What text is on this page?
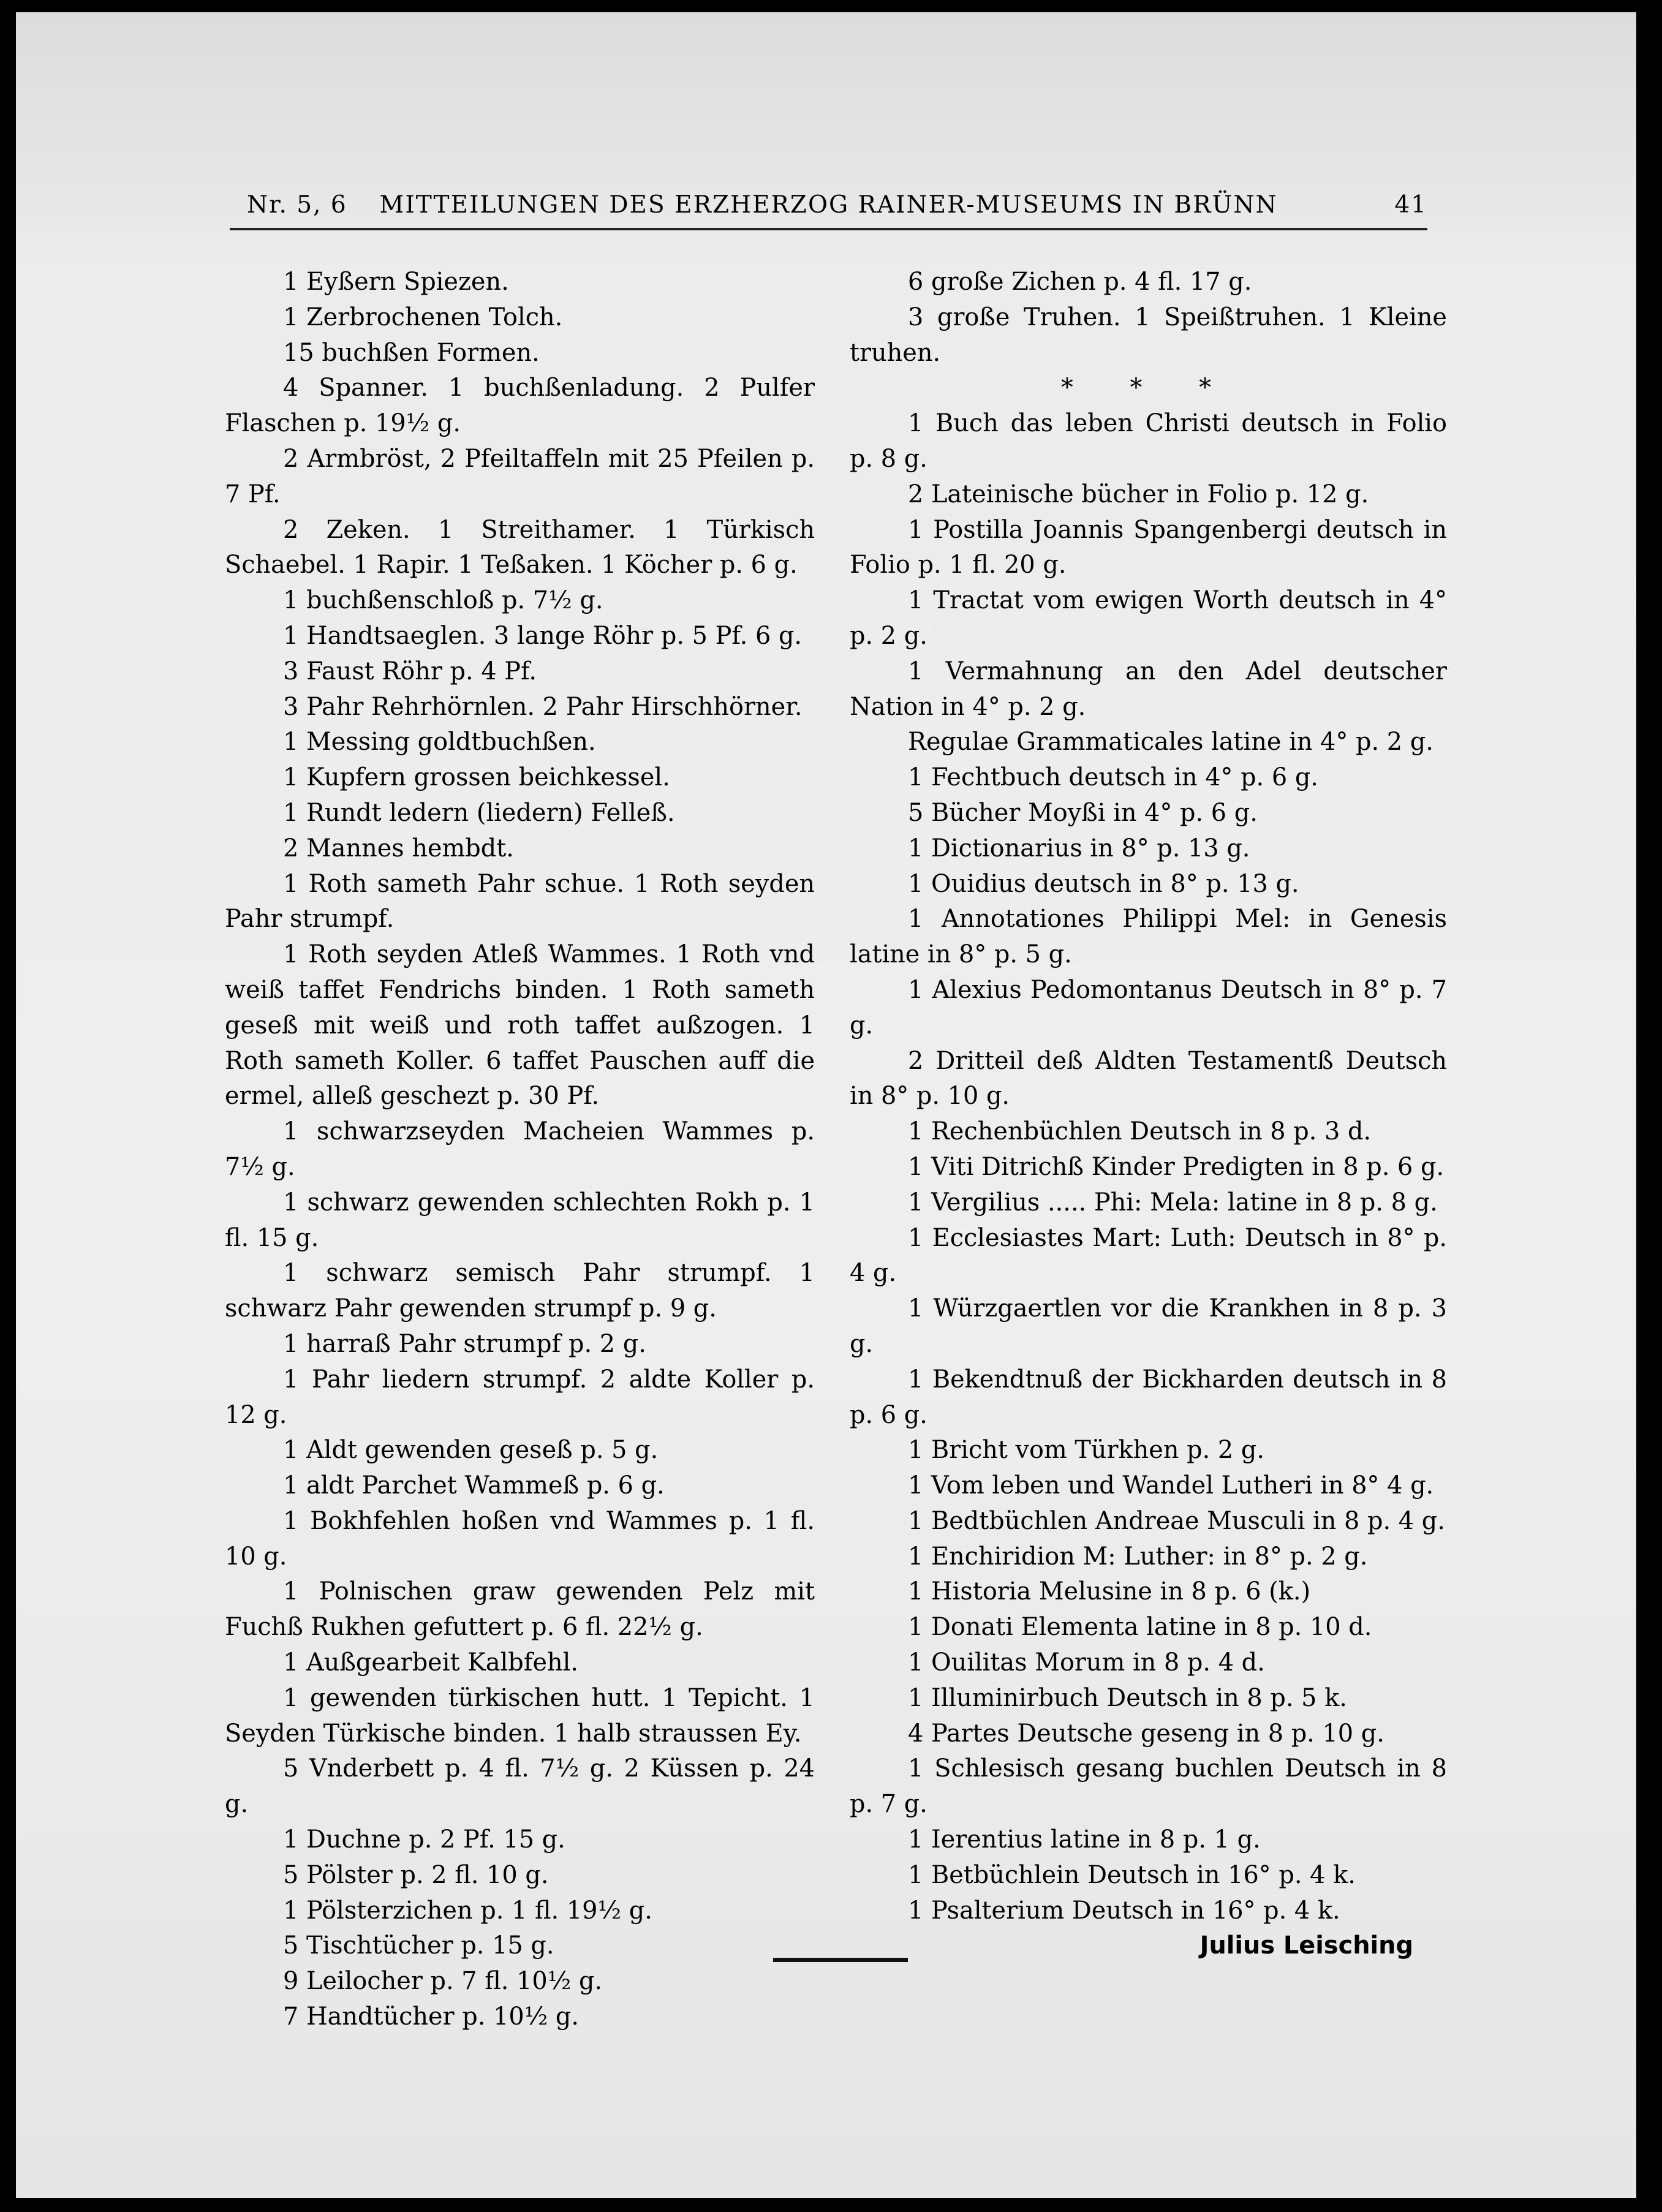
Nr. 5, 6	MITTEILUNGEN DES ERZHERZOG RAINER-MUSEUMS IN BRÜNN	41

1 Eyßern Spiezen.

1 Zerbrochenen Tolch.

15 buchßen Formen.

4 Spanner. 1 buchßenladung. 2 Pulfer Flaschen p. 19½ g.

2 Armbröst, 2 Pfeiltaffeln mit 25 Pfeilen p. 7 Pf.

2 Zeken. 1 Streithamer. 1 Türkisch Schaebel. 1 Rapir. 1 Teßaken. 1 Köcher p. 6 g.

1 buchßenschloß p. 7½ g.

1 Handtsaeglen. 3 lange Röhr p. 5 Pf. 6 g.

3 Faust Röhr p. 4 Pf.

3 Pahr Rehrhörnlen. 2 Pahr Hirschhörner.

1 Messing goldtbuchßen.

1 Kupfern grossen beichkessel.

1 Rundt ledern (liedern) Felleß.

2 Mannes hembdt.

1 Roth sameth Pahr schue. 1 Roth seyden Pahr strumpf.

1 Roth seyden Atleß Wammes. 1 Roth vnd weiß taffet Fendrichs binden. 1 Roth sameth geseß mit weiß und roth taffet außzogen. 1 Roth sameth Koller. 6 taffet Pauschen auff die ermel, alleß geschezt p. 30 Pf.

1 schwarzseyden Macheien Wammes p. 7½ g.

1 schwarz gewenden schlechten Rokh p. 1 fl. 15 g.

1 schwarz semisch Pahr strumpf. 1 schwarz Pahr gewenden strumpf p. 9 g.

1 harraß Pahr strumpf p. 2 g.

1 Pahr liedern strumpf. 2 aldte Koller p. 12 g.

1 Aldt gewenden geseß p. 5 g.

1 aldt Parchet Wammeß p. 6 g.

1 Bokhfehlen hoßen vnd Wammes p. 1 fl. 10 g.

1 Polnischen graw gewenden Pelz mit Fuchß Rukhen gefuttert p. 6 fl. 22½ g.

1 Außgearbeit Kalbfehl.

1 gewenden türkischen hutt. 1 Tepicht. 1 Seyden Türkische binden. 1 halb straussen Ey.

5 Vnderbett p. 4 fl. 7½ g. 2 Küssen p. 24 g.

1 Duchne p. 2 Pf. 15 g.

5 Pölster p. 2 fl. 10 g.

1 Pölsterzichen p. 1 fl. 19½ g.

5 Tischtücher p. 15 g.

9 Leilocher p. 7 fl. 10½ g.

7 Handtücher p. 10½ g.

6 große Zichen p. 4 fl. 17 g.

3 große Truhen. 1 Speißtruhen. 1 Kleine truhen.

* * *

1 Buch das leben Christi deutsch in Folio p. 8 g.

2 Lateinische bücher in Folio p. 12 g.

1 Postilla Joannis Spangenbergi deutsch in Folio p. 1 fl. 20 g.

1 Tractat vom ewigen Worth deutsch in 4° p. 2 g.

1 Vermahnung an den Adel deutscher Nation in 4° p. 2 g.

Regulae Grammaticales latine in 4° p. 2 g.

1 Fechtbuch deutsch in 4° p. 6 g.

5 Bücher Moyßi in 4° p. 6 g.

1 Dictionarius in 8° p. 13 g.

1 Ouidius deutsch in 8° p. 13 g.

1 Annotationes Philippi Mel: in Genesis latine in 8° p. 5 g.

1 Alexius Pedomontanus Deutsch in 8° p. 7 g.

2 Dritteil deß Aldten Testamentß Deutsch in 8° p. 10 g.

1 Rechenbüchlen Deutsch in 8 p. 3 d.

1 Viti Ditrichß Kinder Predigten in 8 p. 6 g.

1 Vergilius ..... Phi: Mela: latine in 8 p. 8 g.

1 Ecclesiastes Mart: Luth: Deutsch in 8° p. 4 g.

1 Würzgaertlen vor die Krankhen in 8 p. 3 g.

1 Bekendtnuß der Bickharden deutsch in 8 p. 6 g.

1 Bricht vom Türkhen p. 2 g.

1 Vom leben und Wandel Lutheri in 8° 4 g.

1 Bedtbüchlen Andreae Musculi in 8 p. 4 g.

1 Enchiridion M: Luther: in 8° p. 2 g.

1 Historia Melusine in 8 p. 6 (k.)

1 Donati Elementa latine in 8 p. 10 d.

1 Ouilitas Morum in 8 p. 4 d.

1 Illuminirbuch Deutsch in 8 p. 5 k.

4 Partes Deutsche geseng in 8 p. 10 g.

1 Schlesisch gesang buchlen Deutsch in 8 p. 7 g.

1 Ierentius latine in 8 p. 1 g.

1 Betbüchlein Deutsch in 16° p. 4 k.

1 Psalterium Deutsch in 16° p. 4 k.

Julius Leisching
